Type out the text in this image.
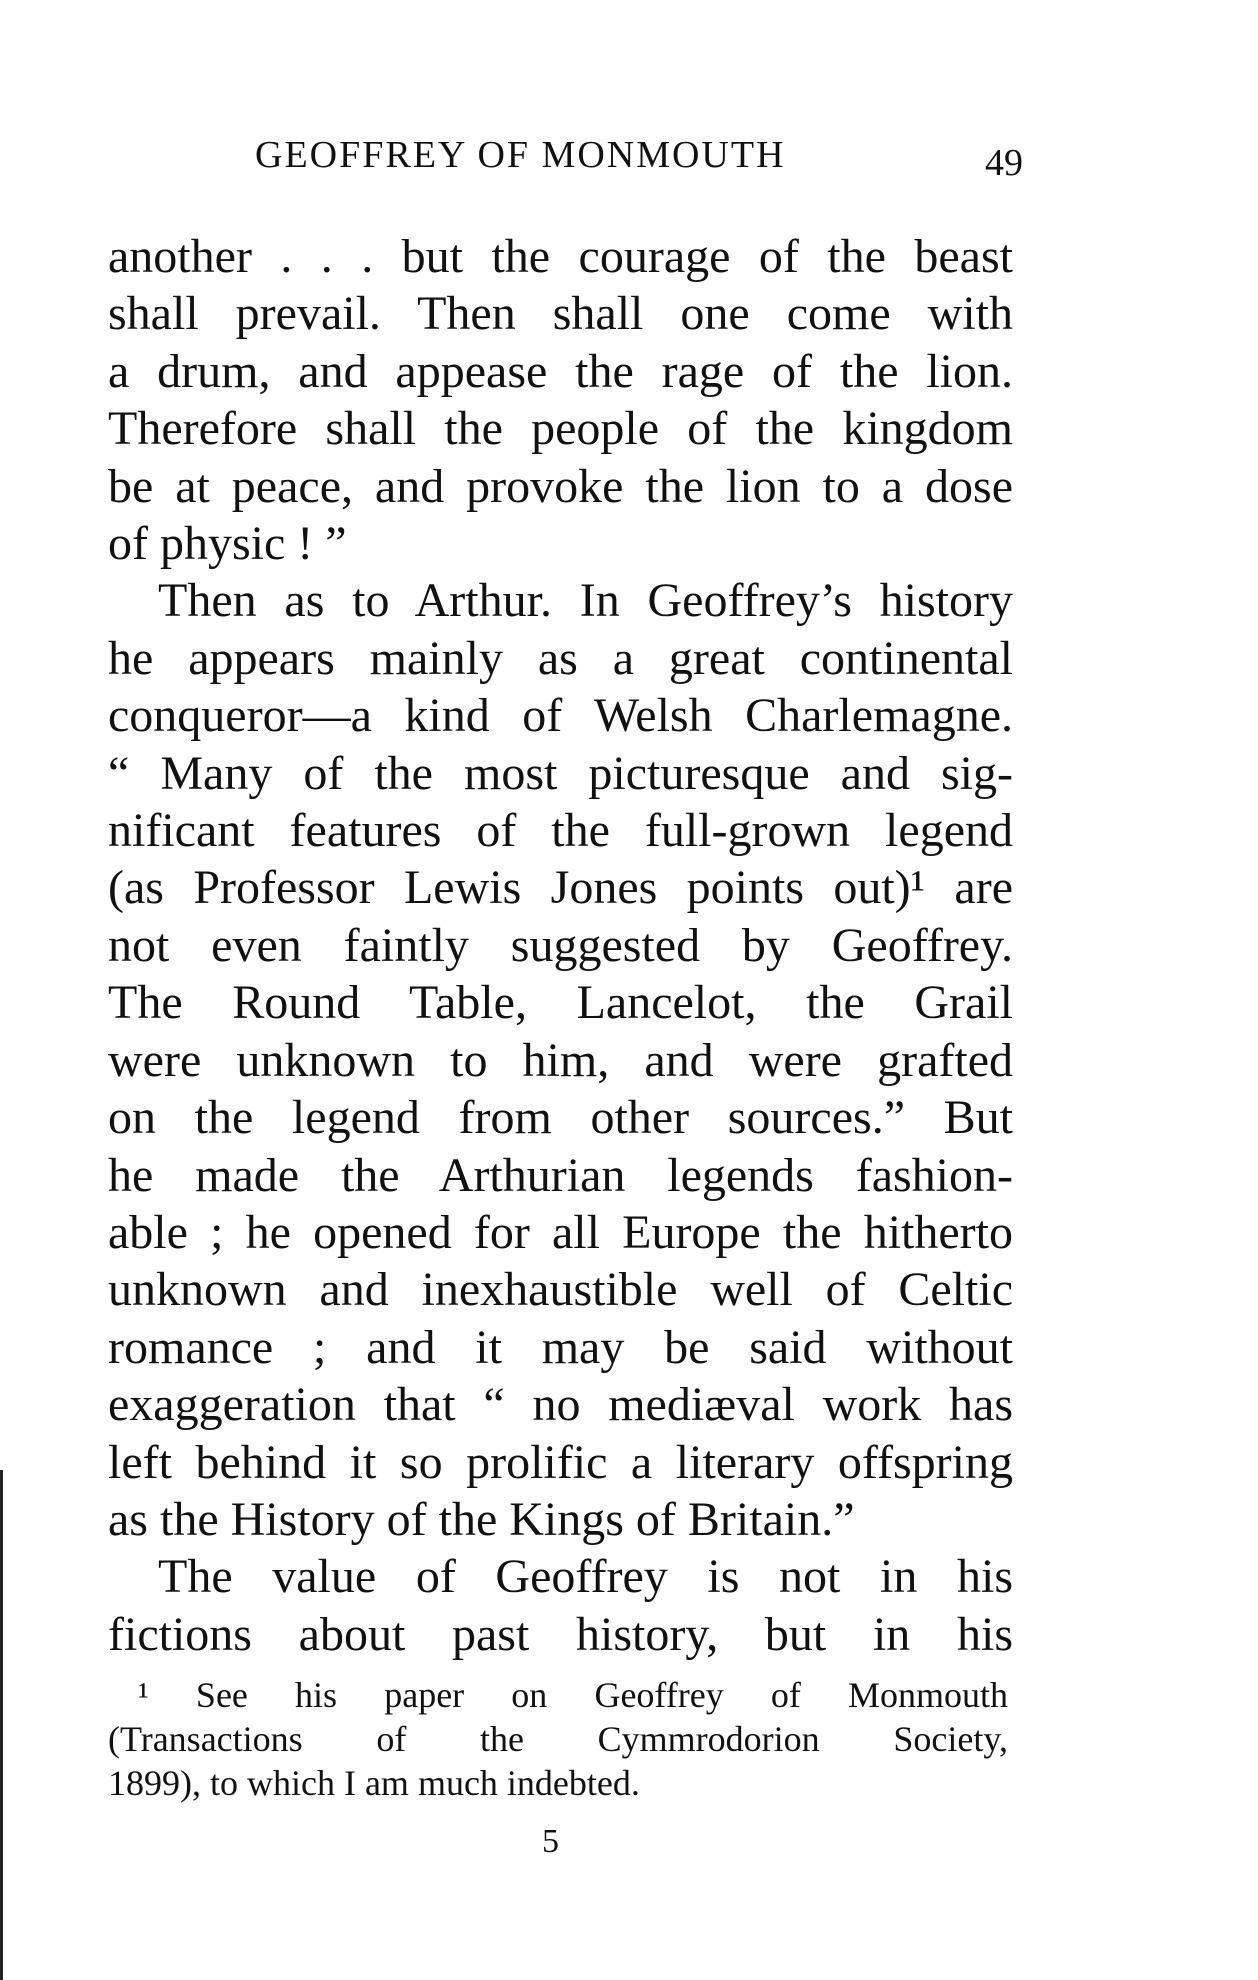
GEOFFREY OF MONMOUTH	49
another . . . but the courage of the beast
shall prevail. Then shall one come with
a drum, and appease the rage of the lion.
Therefore shall the people of the kingdom
be at peace, and provoke the lion to a dose
of physic ! ”
Then as to Arthur. In Geoffrey’s history
he appears mainly as a great continental
conqueror—a kind of Welsh Charlemagne.
“ Many of the most picturesque and sig-
nificant features of the full-grown legend
(as Professor Lewis Jones points out)¹ are
not even faintly suggested by Geoffrey.
The Round Table, Lancelot, the Grail
were unknown to him, and were grafted
on the legend from other sources.” But
he made the Arthurian legends fashion-
able ; he opened for all Europe the hitherto
unknown and inexhaustible well of Celtic
romance ; and it may be said without
exaggeration that “ no mediæval work has
left behind it so prolific a literary offspring
as the History of the Kings of Britain.”
The value of Geoffrey is not in his
fictions about past history, but in his
¹ See his paper on Geoffrey of Monmouth
(Transactions of the Cymmrodorion Society,
1899), to which I am much indebted.
5
